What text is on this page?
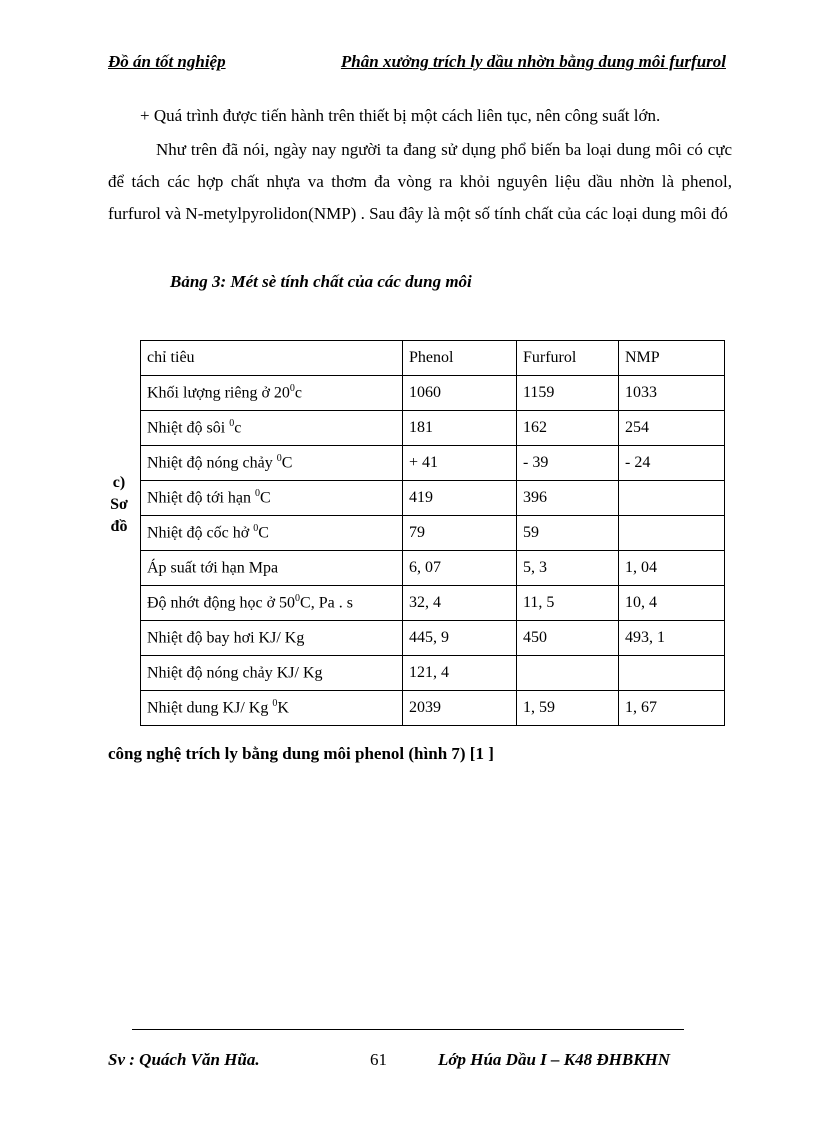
Đồ án tốt nghiệp	Phân xưởng trích ly dầu nhờn bằng dung môi furfurol
+ Quá trình được tiến hành trên thiết bị một cách liên tục, nên công suất lớn.
Như trên đã nói, ngày nay người ta đang sử dụng phổ biến ba loại dung môi có cực để tách các hợp chất nhựa va thơm đa vòng ra khỏi nguyên liệu dầu nhờn là phenol, furfurol và N-metylpyrolidon(NMP) . Sau đây là một số tính chất của các loại dung môi đó
Bảng 3: Mét sè tính chất của các dung môi
c)
Sơ
đồ
chỉ tiêu	Phenol	Furfurol	NMP
Khối lượng riêng ở $20^0c$	1060	1159	1033
Nhiệt độ sôi $^0$c	181	162	254
Nhiệt độ nóng chảy $^0$C	+ 41	- 39	- 24
Nhiệt độ tới hạn $^0$C	419	396	
Nhiệt độ cốc hở $^0$C	79	59	
Áp suất tới hạn Mpa	6, 07	5, 3	1, 04
Độ nhớt động học ở $50^0C$, Pa . s	32, 4	11, 5	10, 4
Nhiệt độ bay hơi KJ/ Kg	445, 9	450	493, 1
Nhiệt độ nóng chảy KJ/ Kg	121, 4		
Nhiệt dung KJ/ Kg $^0$K	2039	1, 59	1, 67
công nghệ trích ly bằng dung môi phenol (hình 7) [1 ]
Sv : Quách Văn Hũa.	61	Lớp Húa Dầu I – K48 ĐHBKHN
